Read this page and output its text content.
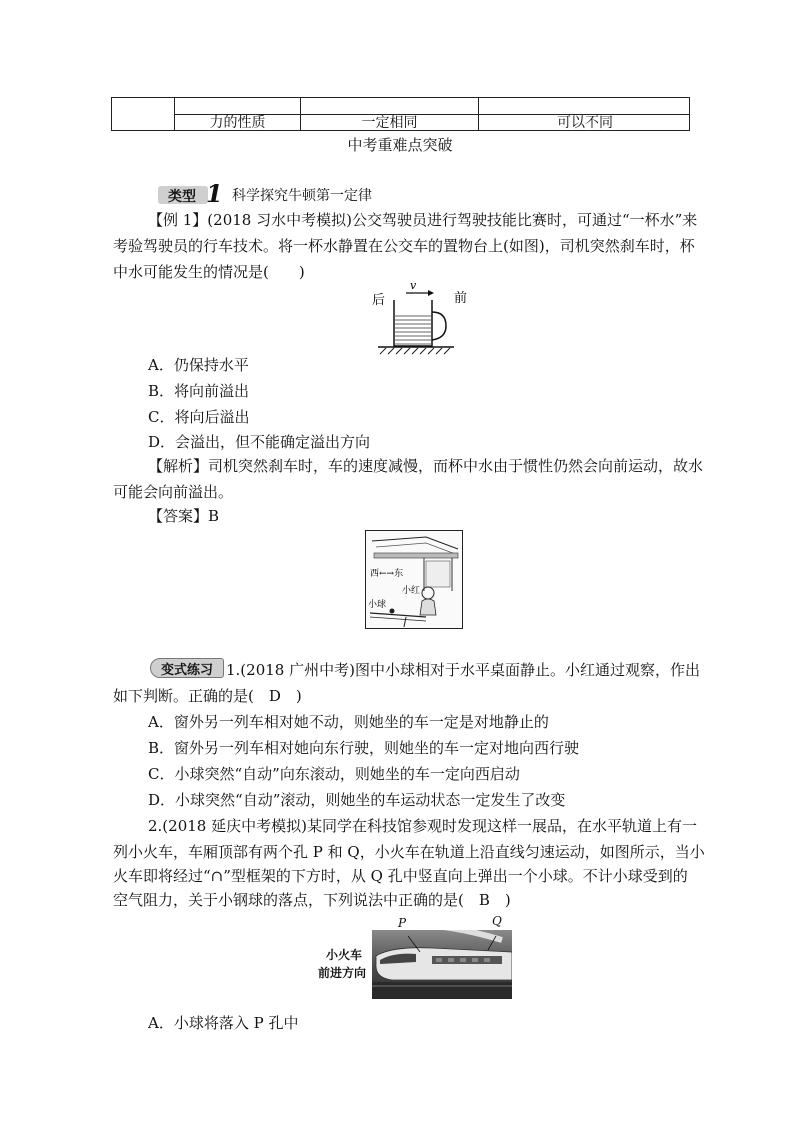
力的性质	一定相同	可以不同
中考重难点突破
类型 1 科学探究牛顿第一定律
【例 1】(2018 习水中考模拟)公交驾驶员进行驾驶技能比赛时，可通过“一杯水”来
考验驾驶员的行车技术。将一杯水静置在公交车的置物台上(如图)，司机突然刹车时，杯
中水可能发生的情况是(　　)
后	前
v
A．仍保持水平
B．将向前溢出
C．将向后溢出
D．会溢出，但不能确定溢出方向
【解析】司机突然刹车时，车的速度减慢，而杯中水由于惯性仍然会向前运动，故水
可能会向前溢出。
【答案】B
西←→东
小红
小球
变式练习 1.(2018 广州中考)图中小球相对于水平桌面静止。小红通过观察，作出
如下判断。正确的是(　D　)
A．窗外另一列车相对她不动，则她坐的车一定是对地静止的
B．窗外另一列车相对她向东行驶，则她坐的车一定对地向西行驶
C．小球突然“自动”向东滚动，则她坐的车一定向西启动
D．小球突然“自动”滚动，则她坐的车运动状态一定发生了改变
2.(2018 延庆中考模拟)某同学在科技馆参观时发现这样一展品，在水平轨道上有一
列小火车，车厢顶部有两个孔 P 和 Q，小火车在轨道上沿直线匀速运动，如图所示，当小
火车即将经过“∩”型框架的下方时，从 Q 孔中竖直向上弹出一个小球。不计小球受到的
空气阻力，关于小钢球的落点，下列说法中正确的是(　B　)
小火车
前进方向
P	Q
A．小球将落入 P 孔中
